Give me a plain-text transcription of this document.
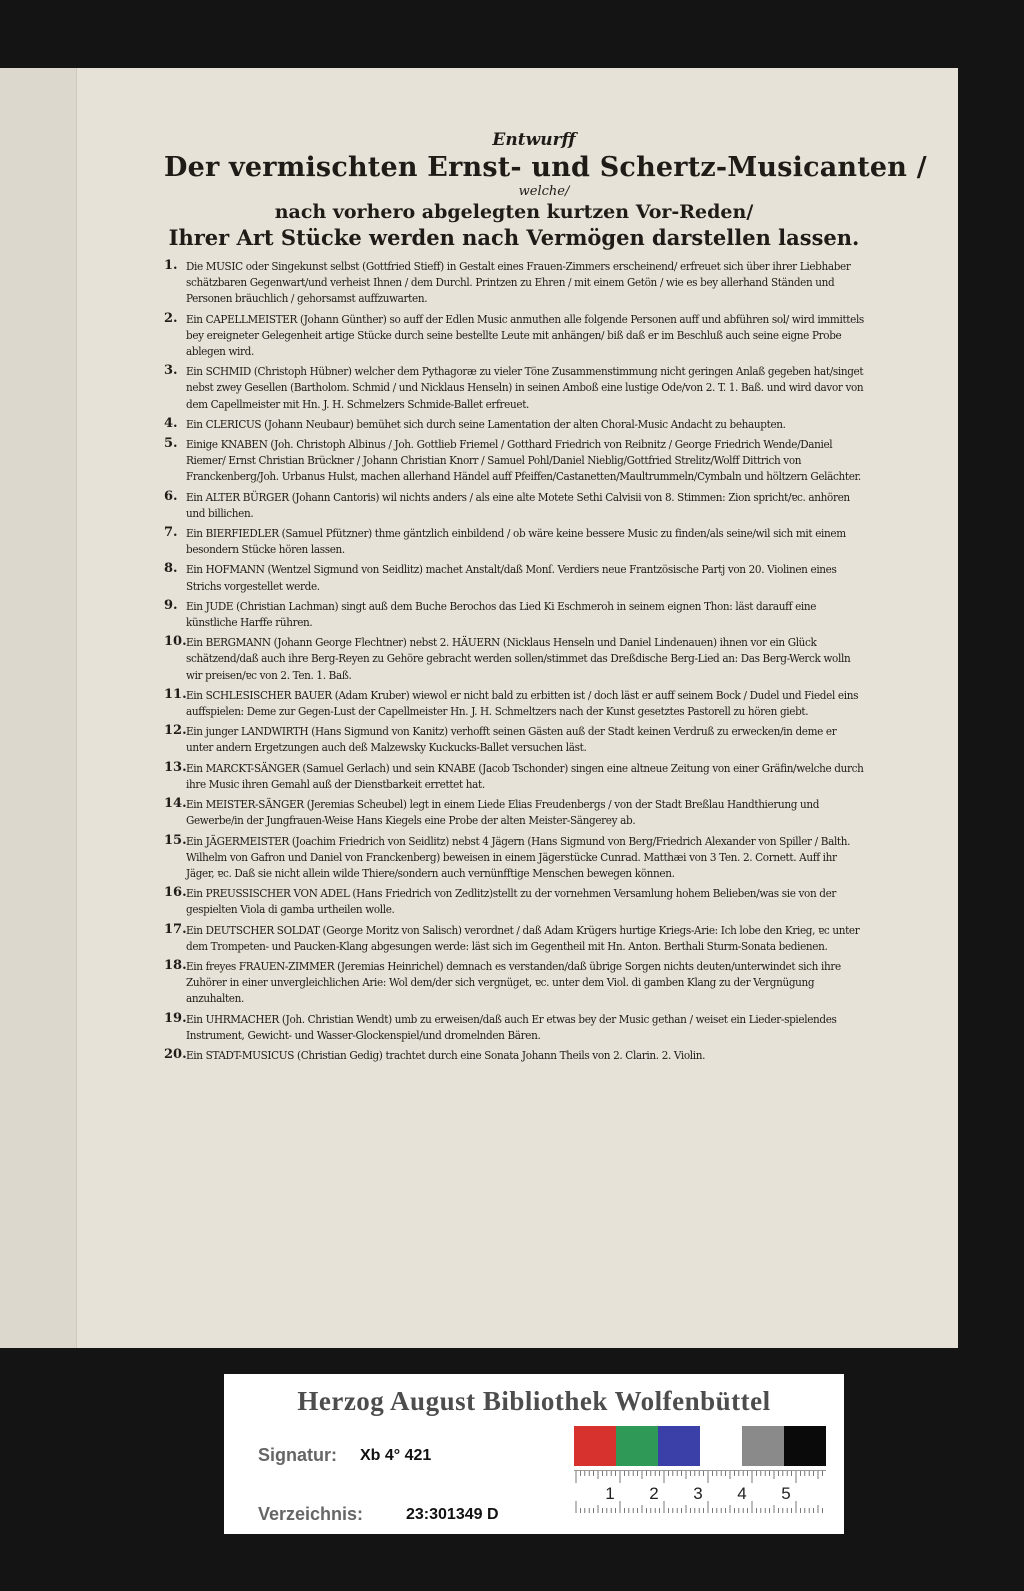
Entwurff
Der vermischten Ernst- und Schertz-Musicanten /
welche/
nach vorhero abgelegten kurtzen Vor-Reden/
Ihrer Art Stücke werden nach Vermögen darstellen lassen.
1. Die MUSIC oder Singekunst selbst (Gottfried Stieff) in Gestalt eines Frauen-Zimmers erscheinend/ erfreuet sich über ihrer Liebhaber schätzbaren Gegenwart/und verheist Ihnen / dem Durchl. Printzen zu Ehren / mit einem Getön / wie es bey allerhand Ständen und Personen bräuchlich / gehorsamst auffzuwarten.
2. Ein CAPELLMEISTER (Johann Günther) so auff der Edlen Music anmuthen alle folgende Personen auff und abführen sol/ wird immittels bey ereigneter Gelegenheit artige Stücke durch seine bestellte Leute mit anhängen/ biß daß er im Beschluß auch seine eigne Probe ablegen wird.
3. Ein SCHMID (Christoph Hübner) welcher dem Pythagoræ zu vieler Töne Zusammenstimmung nicht geringen Anlaß gegeben hat/singet nebst zwey Gesellen (Bartholom. Schmid / und Nicklaus Henseln) in seinen Amboß eine lustige Ode/von 2. T. 1. Baß. und wird davor von dem Capellmeister mit Hn. J. H. Schmelzers Schmide-Ballet erfreuet.
4. Ein CLERICUS (Johann Neubaur) bemühet sich durch seine Lamentation der alten Choral-Music Andacht zu behaupten.
5. Einige KNABEN (Joh. Christoph Albinus / Joh. Gottlieb Friemel / Gotthard Friedrich von Reibnitz / George Friedrich Wende/Daniel Riemer/ Ernst Christian Brückner / Johann Christian Knorr / Samuel Pohl/Daniel Nieblig/Gottfried Strelitz/Wolff Dittrich von Franckenberg/Joh. Urbanus Hulst, machen allerhand Händel auff Pfeiffen/Castanetten/Maultrummeln/Cymbaln und höltzern Gelächter.
6. Ein ALTER BÜRGER (Johann Cantoris) wil nichts anders / als eine alte Motete Sethi Calvisii von 8. Stimmen: Zion spricht/ɐc. anhören und billichen.
7. Ein BIERFIEDLER (Samuel Pfützner) thme gäntzlich einbildend / ob wäre keine bessere Music zu finden/als seine/wil sich mit einem besondern Stücke hören lassen.
8. Ein HOFMANN (Wentzel Sigmund von Seidlitz) machet Anstalt/daß Monſ. Verdiers neue Frantzösische Partj von 20. Violinen eines Strichs vorgestellet werde.
9. Ein JUDE (Christian Lachman) singt auß dem Buche Berochos das Lied Ki Eschmeroh in seinem eignen Thon: läst darauff eine künstliche Harffe rühren.
10. Ein BERGMANN (Johann George Flechtner) nebst 2. HÄUERN (Nicklaus Henseln und Daniel Lindenauen) ihnen vor ein Glück schätzend/daß auch ihre Berg-Reyen zu Gehöre gebracht werden sollen/stimmet das Dreßdische Berg-Lied an: Das Berg-Werck wolln wir preisen/ɐc von 2. Ten. 1. Baß.
11. Ein SCHLESISCHER BAUER (Adam Kruber) wiewol er nicht bald zu erbitten ist / doch läst er auff seinem Bock / Dudel und Fiedel eins auffspielen: Deme zur Gegen-Lust der Capellmeister Hn. J. H. Schmeltzers nach der Kunst gesetztes Pastorell zu hören giebt.
12. Ein junger LANDWIRTH (Hans Sigmund von Kanitz) verhofft seinen Gästen auß der Stadt keinen Verdruß zu erwecken/in deme er unter andern Ergetzungen auch deß Malzewsky Kuckucks-Ballet versuchen läst.
13. Ein MARCKT-SÄNGER (Samuel Gerlach) und sein KNABE (Jacob Tschonder) singen eine altneue Zeitung von einer Gräfin/welche durch ihre Music ihren Gemahl auß der Dienstbarkeit errettet hat.
14. Ein MEISTER-SÄNGER (Jeremias Scheubel) legt in einem Liede Elias Freudenbergs / von der Stadt Breßlau Handthierung und Gewerbe/in der Jungfrauen-Weise Hans Kiegels eine Probe der alten Meister-Sängerey ab.
15. Ein JÄGERMEISTER (Joachim Friedrich von Seidlitz) nebst 4 Jägern (Hans Sigmund von Berg/Friedrich Alexander von Spiller / Balth. Wilhelm von Gafron und Daniel von Franckenberg) beweisen in einem Jägerstücke Cunrad. Matthæi von 3 Ten. 2. Cornett. Auff ihr Jäger, ɐc. Daß sie nicht allein wilde Thiere/sondern auch vernünfftige Menschen bewegen können.
16. Ein PREUSSISCHER VON ADEL (Hans Friedrich von Zedlitz)stellt zu der vornehmen Versamlung hohem Belieben/was sie von der gespielten Viola di gamba urtheilen wolle.
17. Ein DEUTSCHER SOLDAT (George Moritz von Salisch) verordnet / daß Adam Krügers hurtige Kriegs-Arie: Ich lobe den Krieg, ɐc unter dem Trompeten- und Paucken-Klang abgesungen werde: läst sich im Gegentheil mit Hn. Anton. Berthali Sturm-Sonata bedienen.
18. Ein freyes FRAUEN-ZIMMER (Jeremias Heinrichel) demnach es verstanden/daß übrige Sorgen nichts deuten/unterwindet sich ihre Zuhörer in einer unvergleichlichen Arie: Wol dem/der sich vergnüget, ɐc. unter dem Viol. di gamben Klang zu der Vergnügung anzuhalten.
19. Ein UHRMACHER (Joh. Christian Wendt) umb zu erweisen/daß auch Er etwas bey der Music gethan / weiset ein Lieder-spielendes Instrument, Gewicht- und Wasser-Glockenspiel/und dromelnden Bären.
20. Ein STADT-MUSICUS (Christian Gedig) trachtet durch eine Sonata Johann Theils von 2. Clarin. 2. Violin.
Herzog August Bibliothek Wolfenbüttel
Signatur: Xb 4° 421
Verzeichnis:	23:301349 D
1	2	3	4	5
